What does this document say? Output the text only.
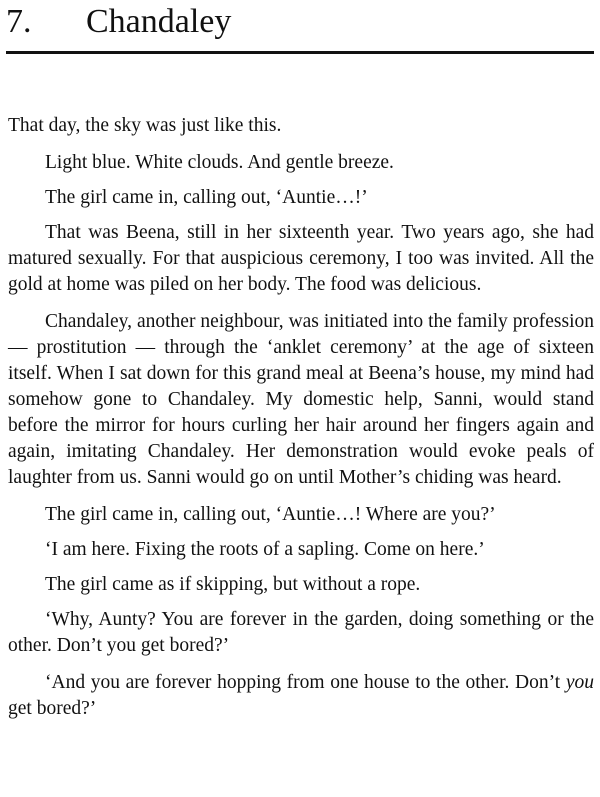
7. Chandaley

That day, the sky was just like this.

Light blue. White clouds. And gentle breeze.

The girl came in, calling out, ‘Auntie…!’

That was Beena, still in her sixteenth year. Two years ago, she had matured sexually. For that auspicious ceremony, I too was invited. All the gold at home was piled on her body. The food was delicious.

Chandaley, another neighbour, was initiated into the family profession — prostitution — through the ‘anklet ceremony’ at the age of sixteen itself. When I sat down for this grand meal at Beena’s house, my mind had somehow gone to Chandaley. My domestic help, Sanni, would stand before the mirror for hours curling her hair around her fingers again and again, imitating Chandaley. Her demonstration would evoke peals of laughter from us. Sanni would go on until Mother’s chiding was heard.

The girl came in, calling out, ‘Auntie…! Where are you?’

‘I am here. Fixing the roots of a sapling. Come on here.’

The girl came as if skipping, but without a rope.

‘Why, Aunty? You are forever in the garden, doing something or the other. Don’t you get bored?’

‘And you are forever hopping from one house to the other. Don’t you get bored?’
